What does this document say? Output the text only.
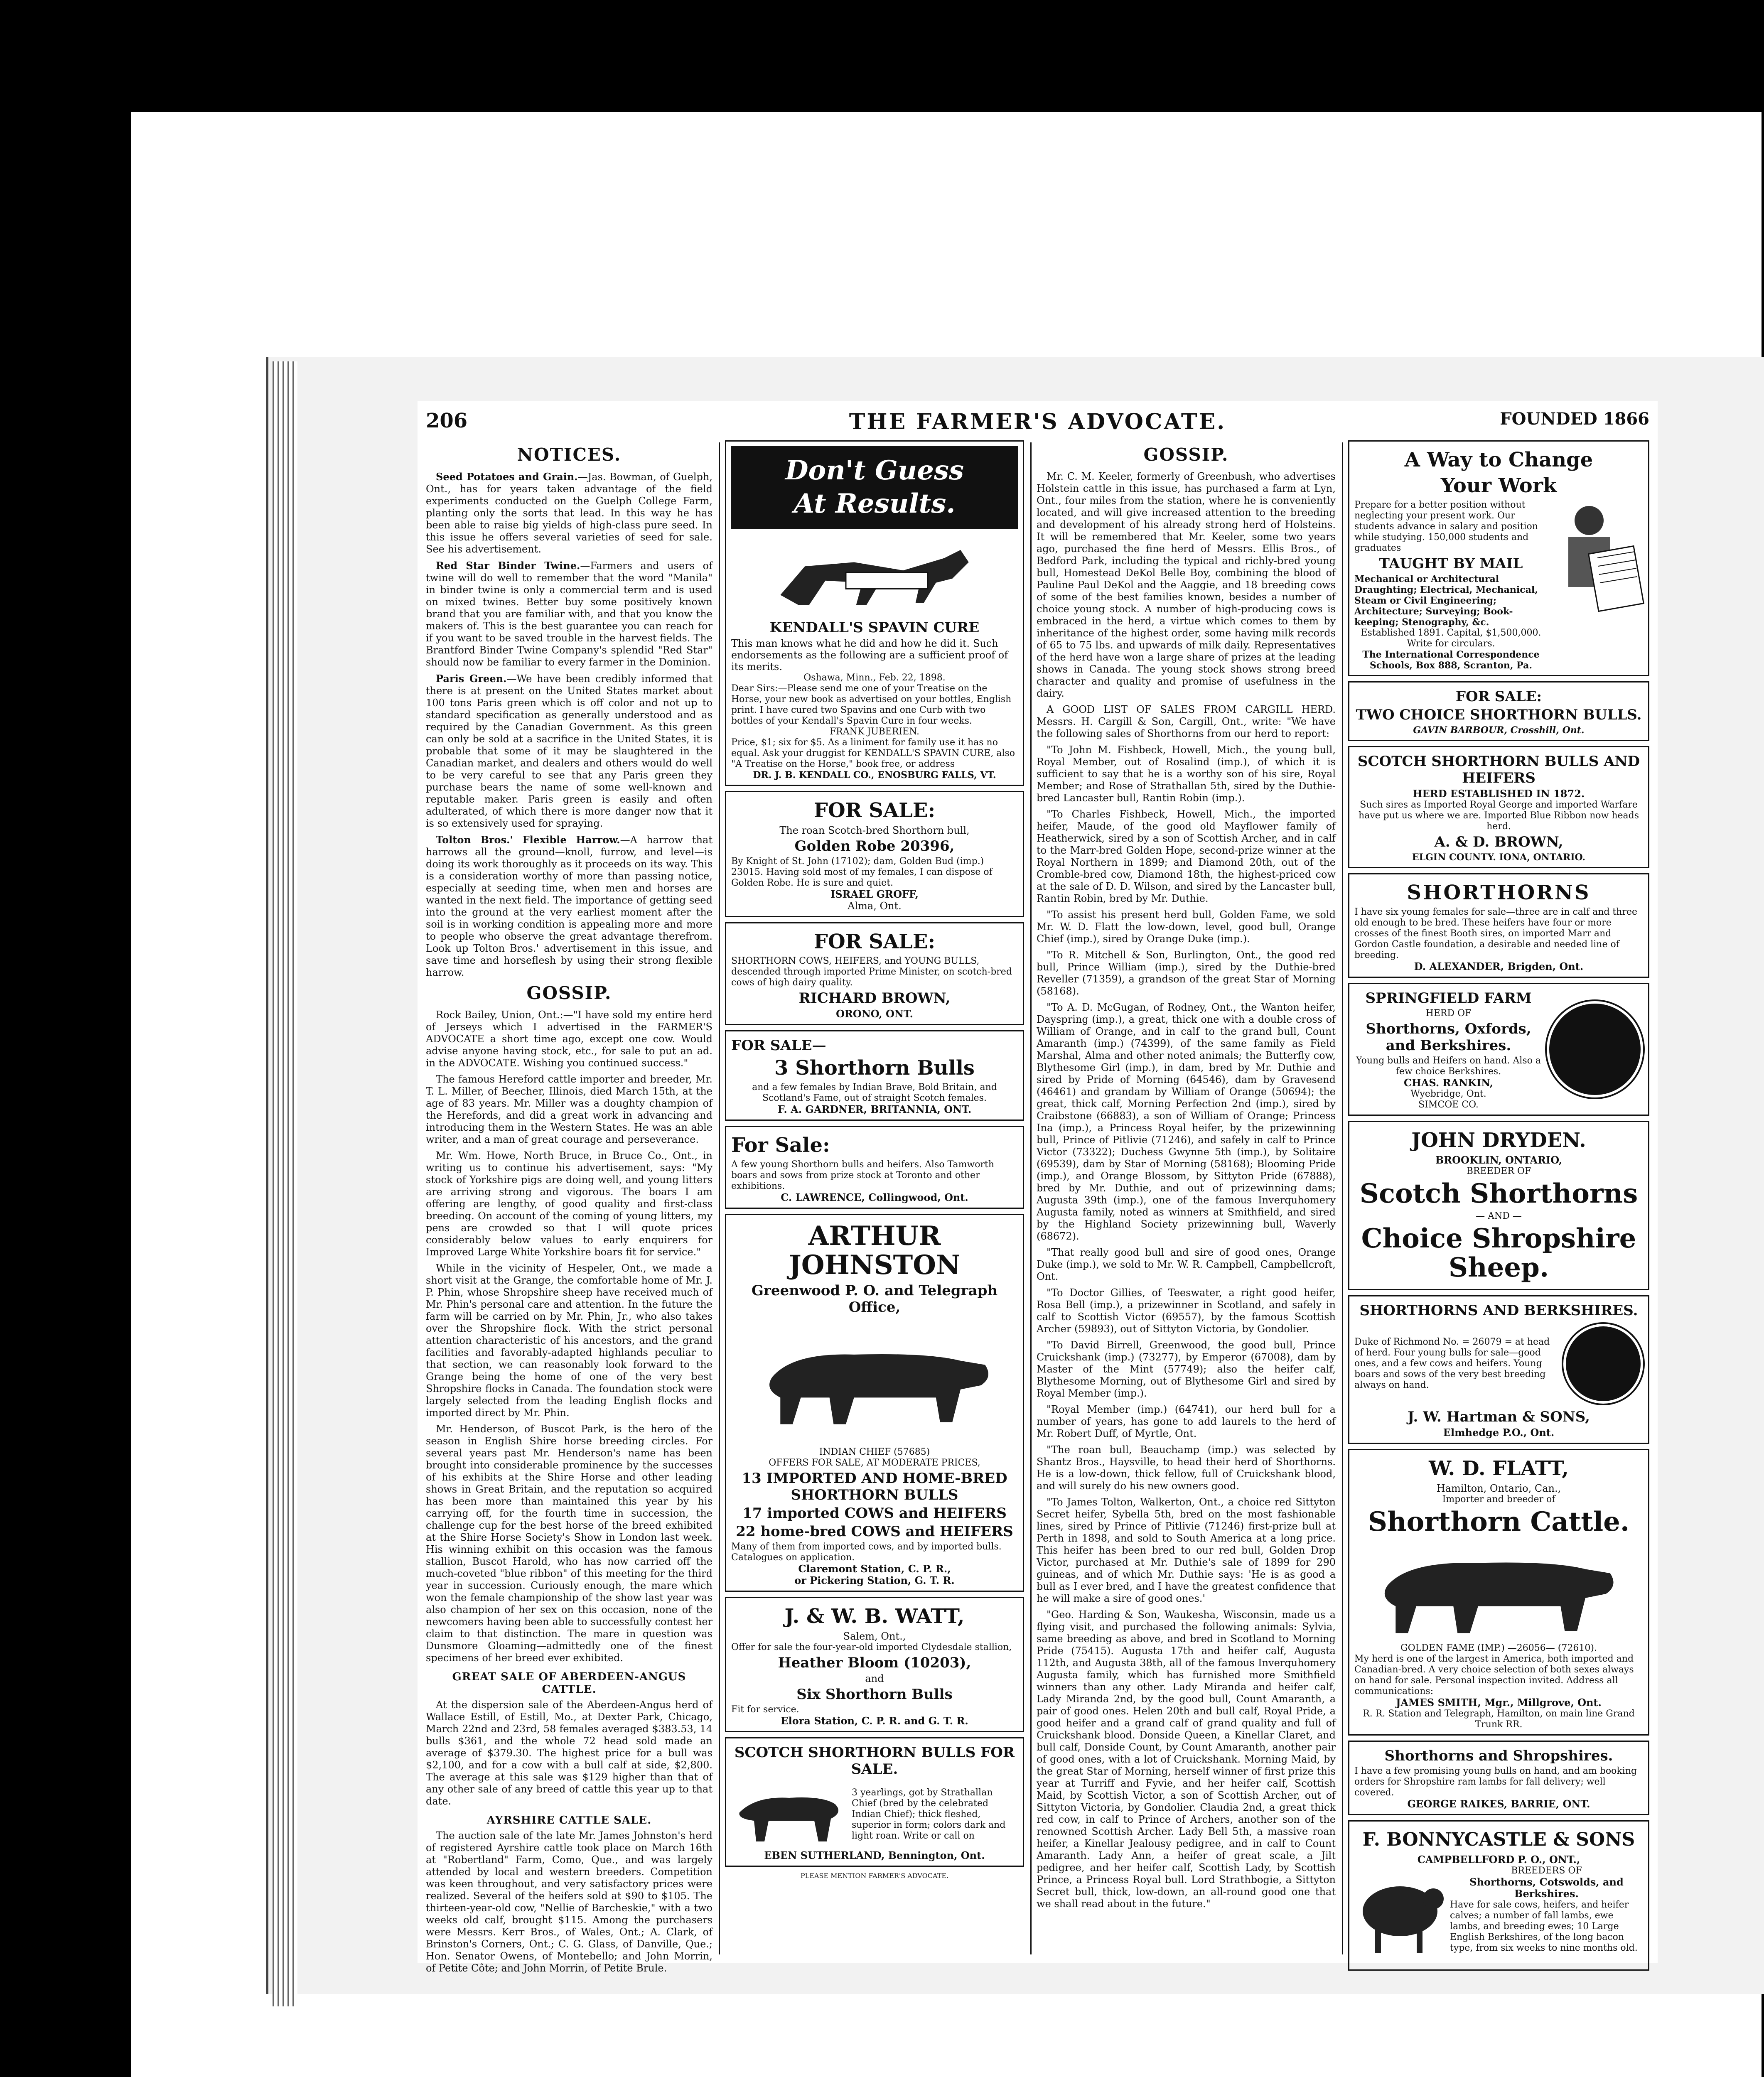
206	THE FARMER'S ADVOCATE.	FOUNDED 1866
NOTICES.

Seed Potatoes and Grain.—Jas. Bowman, of Guelph, Ont., has for years taken advantage of the field experiments conducted on the Guelph College Farm, planting only the sorts that lead. In this way he has been able to raise big yields of high-class pure seed. In this issue he offers several varieties of seed for sale. See his advertisement.

Red Star Binder Twine.—Farmers and users of twine will do well to remember that the word "Manila" in binder twine is only a commercial term and is used on mixed twines. Better buy some positively known brand that you are familiar with, and that you know the makers of. This is the best guarantee you can reach for if you want to be saved trouble in the harvest fields. The Brantford Binder Twine Company's splendid "Red Star" should now be familiar to every farmer in the Dominion.

Paris Green.—We have been credibly informed that there is at present on the United States market about 100 tons Paris green which is off color and not up to standard specification as generally understood and as required by the Canadian Government. As this green can only be sold at a sacrifice in the United States, it is probable that some of it may be slaughtered in the Canadian market, and dealers and others would do well to be very careful to see that any Paris green they purchase bears the name of some well-known and reputable maker. Paris green is easily and often adulterated, of which there is more danger now that it is so extensively used for spraying.

Tolton Bros.' Flexible Harrow.—A harrow that harrows all the ground—knoll, furrow, and level—is doing its work thoroughly as it proceeds on its way. This is a consideration worthy of more than passing notice, especially at seeding time, when men and horses are wanted in the next field. The importance of getting seed into the ground at the very earliest moment after the soil is in working condition is appealing more and more to people who observe the great advantage therefrom. Look up Tolton Bros.' advertisement in this issue, and save time and horseflesh by using their strong flexible harrow.

GOSSIP.

Rock Bailey, Union, Ont.:—"I have sold my entire herd of Jerseys which I advertised in the FARMER'S ADVOCATE a short time ago, except one cow. Would advise anyone having stock, etc., for sale to put an ad. in the ADVOCATE. Wishing you continued success."

The famous Hereford cattle importer and breeder, Mr. T. L. Miller, of Beecher, Illinois, died March 15th, at the age of 83 years. Mr. Miller was a doughty champion of the Herefords, and did a great work in advancing and introducing them in the Western States. He was an able writer, and a man of great courage and perseverance.

Mr. Wm. Howe, North Bruce, in Bruce Co., Ont., in writing us to continue his advertisement, says: "My stock of Yorkshire pigs are doing well, and young litters are arriving strong and vigorous. The boars I am offering are lengthy, of good quality and first-class breeding. On account of the coming of young litters, my pens are crowded so that I will quote prices considerably below values to early enquirers for Improved Large White Yorkshire boars fit for service."

While in the vicinity of Hespeler, Ont., we made a short visit at the Grange, the comfortable home of Mr. J. P. Phin, whose Shropshire sheep have received much of Mr. Phin's personal care and attention. In the future the farm will be carried on by Mr. Phin, Jr., who also takes over the Shropshire flock. With the strict personal attention characteristic of his ancestors, and the grand facilities and favorably-adapted highlands peculiar to that section, we can reasonably look forward to the Grange being the home of one of the very best Shropshire flocks in Canada. The foundation stock were largely selected from the leading English flocks and imported direct by Mr. Phin.

Mr. Henderson, of Buscot Park, is the hero of the season in English Shire horse breeding circles. For several years past Mr. Henderson's name has been brought into considerable prominence by the successes of his exhibits at the Shire Horse and other leading shows in Great Britain, and the reputation so acquired has been more than maintained this year by his carrying off, for the fourth time in succession, the challenge cup for the best horse of the breed exhibited at the Shire Horse Society's Show in London last week. His winning exhibit on this occasion was the famous stallion, Buscot Harold, who has now carried off the much-coveted "blue ribbon" of this meeting for the third year in succession. Curiously enough, the mare which won the female championship of the show last year was also champion of her sex on this occasion, none of the newcomers having been able to successfully contest her claim to that distinction. The mare in question was Dunsmore Gloaming—admittedly one of the finest specimens of her breed ever exhibited.

GREAT SALE OF ABERDEEN-ANGUS CATTLE.

At the dispersion sale of the Aberdeen-Angus herd of Wallace Estill, of Estill, Mo., at Dexter Park, Chicago, March 22nd and 23rd, 58 females averaged $383.53, 14 bulls $361, and the whole 72 head sold made an average of $379.30. The highest price for a bull was $2,100, and for a cow with a bull calf at side, $2,800. The average at this sale was $129 higher than that of any other sale of any breed of cattle this year up to that date.

AYRSHIRE CATTLE SALE.

The auction sale of the late Mr. James Johnston's herd of registered Ayrshire cattle took place on March 16th at "Robertland" Farm, Como, Que., and was largely attended by local and western breeders. Competition was keen throughout, and very satisfactory prices were realized. Several of the heifers sold at $90 to $105. The thirteen-year-old cow, "Nellie of Barcheskie," with a two weeks old calf, brought $115. Among the purchasers were Messrs. Kerr Bros., of Wales, Ont.; A. Clark, of Brinston's Corners, Ont.; C. G. Glass, of Danville, Que.; Hon. Senator Owens, of Montebello; and John Morrin, of Petite Côte; and John Morrin, of Petite Brule.

Don't Guess
At Results.
KENDALL'S SPAVIN CURE
This man knows what he did and how he did it. Such endorsements as the following are a sufficient proof of its merits.
Oshawa, Minn., Feb. 22, 1898.
Dear Sirs:—Please send me one of your Treatise on the Horse, your new book as advertised on your bottles, English print. I have cured two Spavins and one Curb with two bottles of your Kendall's Spavin Cure in four weeks.
FRANK JUBERIEN.
Price, $1; six for $5. As a liniment for family use it has no equal. Ask your druggist for KENDALL'S SPAVIN CURE, also "A Treatise on the Horse," book free, or address
DR. J. B. KENDALL CO., ENOSBURG FALLS, VT.
FOR SALE:
The roan Scotch-bred Shorthorn bull,
Golden Robe 20396,
By Knight of St. John (17102); dam, Golden Bud (imp.) 23015. Having sold most of my females, I can dispose of Golden Robe. He is sure and quiet.
ISRAEL GROFF,
Alma, Ont.
FOR SALE:
SHORTHORN COWS, HEIFERS, and YOUNG BULLS, descended through imported Prime Minister, on scotch-bred cows of high dairy quality.
RICHARD BROWN,
ORONO, ONT.
FOR SALE—
3 Shorthorn Bulls
and a few females by Indian Brave, Bold Britain, and Scotland's Fame, out of straight Scotch females.
F. A. GARDNER, BRITANNIA, ONT.
For Sale:
A few young Shorthorn bulls and heifers. Also Tamworth boars and sows from prize stock at Toronto and other exhibitions.
C. LAWRENCE, Collingwood, Ont.
ARTHUR JOHNSTON
Greenwood P. O. and Telegraph Office,
INDIAN CHIEF (57685)
OFFERS FOR SALE, AT MODERATE PRICES,
13 IMPORTED AND HOME-BRED SHORTHORN BULLS
17 imported COWS and HEIFERS
22 home-bred COWS and HEIFERS
Many of them from imported cows, and by imported bulls. Catalogues on application.
Claremont Station, C. P. R.,
or Pickering Station, G. T. R.
J. & W. B. WATT,
Salem, Ont.,
Offer for sale the four-year-old imported Clydesdale stallion,
Heather Bloom (10203),
and
Six Shorthorn Bulls
Fit for service.
Elora Station, C. P. R. and G. T. R.
SCOTCH SHORTHORN BULLS FOR SALE.
3 yearlings, got by Strathallan Chief (bred by the celebrated Indian Chief); thick fleshed, superior in form; colors dark and light roan. Write or call on
EBEN SUTHERLAND, Bennington, Ont.
PLEASE MENTION FARMER'S ADVOCATE.
GOSSIP.

Mr. C. M. Keeler, formerly of Greenbush, who advertises Holstein cattle in this issue, has purchased a farm at Lyn, Ont., four miles from the station, where he is conveniently located, and will give increased attention to the breeding and development of his already strong herd of Holsteins. It will be remembered that Mr. Keeler, some two years ago, purchased the fine herd of Messrs. Ellis Bros., of Bedford Park, including the typical and richly-bred young bull, Homestead DeKol Belle Boy, combining the blood of Pauline Paul DeKol and the Aaggie, and 18 breeding cows of some of the best families known, besides a number of choice young stock. A number of high-producing cows is embraced in the herd, a virtue which comes to them by inheritance of the highest order, some having milk records of 65 to 75 lbs. and upwards of milk daily. Representatives of the herd have won a large share of prizes at the leading shows in Canada. The young stock shows strong breed character and quality and promise of usefulness in the dairy.

A GOOD LIST OF SALES FROM CARGILL HERD. Messrs. H. Cargill & Son, Cargill, Ont., write: "We have the following sales of Shorthorns from our herd to report:

"To John M. Fishbeck, Howell, Mich., the young bull, Royal Member, out of Rosalind (imp.), of which it is sufficient to say that he is a worthy son of his sire, Royal Member; and Rose of Strathallan 5th, sired by the Duthie-bred Lancaster bull, Rantin Robin (imp.).

"To Charles Fishbeck, Howell, Mich., the imported heifer, Maude, of the good old Mayflower family of Heatherwick, sired by a son of Scottish Archer, and in calf to the Marr-bred Golden Hope, second-prize winner at the Royal Northern in 1899; and Diamond 20th, out of the Cromble-bred cow, Diamond 18th, the highest-priced cow at the sale of D. D. Wilson, and sired by the Lancaster bull, Rantin Robin, bred by Mr. Duthie.

"To assist his present herd bull, Golden Fame, we sold Mr. W. D. Flatt the low-down, level, good bull, Orange Chief (imp.), sired by Orange Duke (imp.).

"To R. Mitchell & Son, Burlington, Ont., the good red bull, Prince William (imp.), sired by the Duthie-bred Reveller (71359), a grandson of the great Star of Morning (58168).

"To A. D. McGugan, of Rodney, Ont., the Wanton heifer, Dayspring (imp.), a great, thick one with a double cross of William of Orange, and in calf to the grand bull, Count Amaranth (imp.) (74399), of the same family as Field Marshal, Alma and other noted animals; the Butterfly cow, Blythesome Girl (imp.), in dam, bred by Mr. Duthie and sired by Pride of Morning (64546), dam by Gravesend (46461) and grandam by William of Orange (50694); the great, thick calf, Morning Perfection 2nd (imp.), sired by Craibstone (66883), a son of William of Orange; Princess Ina (imp.), a Princess Royal heifer, by the prizewinning bull, Prince of Pitlivie (71246), and safely in calf to Prince Victor (73322); Duchess Gwynne 5th (imp.), by Solitaire (69539), dam by Star of Morning (58168); Blooming Pride (imp.), and Orange Blossom, by Sittyton Pride (67888), bred by Mr. Duthie, and out of prizewinning dams; Augusta 39th (imp.), one of the famous Inverquhomery Augusta family, noted as winners at Smithfield, and sired by the Highland Society prizewinning bull, Waverly (68672).

"That really good bull and sire of good ones, Orange Duke (imp.), we sold to Mr. W. R. Campbell, Campbellcroft, Ont.

"To Doctor Gillies, of Teeswater, a right good heifer, Rosa Bell (imp.), a prizewinner in Scotland, and safely in calf to Scottish Victor (69557), by the famous Scottish Archer (59893), out of Sittyton Victoria, by Gondolier.

"To David Birrell, Greenwood, the good bull, Prince Cruickshank (imp.) (73277), by Emperor (67008), dam by Master of the Mint (57749); also the heifer calf, Blythesome Morning, out of Blythesome Girl and sired by Royal Member (imp.).

"Royal Member (imp.) (64741), our herd bull for a number of years, has gone to add laurels to the herd of Mr. Robert Duff, of Myrtle, Ont.

"The roan bull, Beauchamp (imp.) was selected by Shantz Bros., Haysville, to head their herd of Shorthorns. He is a low-down, thick fellow, full of Cruickshank blood, and will surely do his new owners good.

"To James Tolton, Walkerton, Ont., a choice red Sittyton Secret heifer, Sybella 5th, bred on the most fashionable lines, sired by Prince of Pitlivie (71246) first-prize bull at Perth in 1898, and sold to South America at a long price. This heifer has been bred to our red bull, Golden Drop Victor, purchased at Mr. Duthie's sale of 1899 for 290 guineas, and of which Mr. Duthie says: 'He is as good a bull as I ever bred, and I have the greatest confidence that he will make a sire of good ones.'

"Geo. Harding & Son, Waukesha, Wisconsin, made us a flying visit, and purchased the following animals: Sylvia, same breeding as above, and bred in Scotland to Morning Pride (75415). Augusta 17th and heifer calf, Augusta 112th, and Augusta 38th, all of the famous Inverquhomery Augusta family, which has furnished more Smithfield winners than any other. Lady Miranda and heifer calf, Lady Miranda 2nd, by the good bull, Count Amaranth, a pair of good ones. Helen 20th and bull calf, Royal Pride, a good heifer and a grand calf of grand quality and full of Cruickshank blood. Donside Queen, a Kinellar Claret, and bull calf, Donside Count, by Count Amaranth, another pair of good ones, with a lot of Cruickshank. Morning Maid, by the great Star of Morning, herself winner of first prize this year at Turriff and Fyvie, and her heifer calf, Scottish Maid, by Scottish Victor, a son of Scottish Archer, out of Sittyton Victoria, by Gondolier. Claudia 2nd, a great thick red cow, in calf to Prince of Archers, another son of the renowned Scottish Archer. Lady Bell 5th, a massive roan heifer, a Kinellar Jealousy pedigree, and in calf to Count Amaranth. Lady Ann, a heifer of great scale, a Jilt pedigree, and her heifer calf, Scottish Lady, by Scottish Prince, a Princess Royal bull. Lord Strathbogie, a Sittyton Secret bull, thick, low-down, an all-round good one that we shall read about in the future."

A Way to Change
Your Work
Prepare for a better position without neglecting your present work. Our students advance in salary and position while studying. 150,000 students and graduates
TAUGHT BY MAIL
Mechanical or Architectural Draughting; Electrical, Mechanical, Steam or Civil Engineering; Architecture; Surveying; Book-keeping; Stenography, &c.
Established 1891. Capital, $1,500,000. Write for circulars.
The International Correspondence Schools, Box 888, Scranton, Pa.
FOR SALE:
TWO CHOICE SHORTHORN BULLS.
GAVIN BARBOUR, Crosshill, Ont.
SCOTCH SHORTHORN BULLS AND HEIFERS
HERD ESTABLISHED IN 1872.
Such sires as Imported Royal George and imported Warfare have put us where we are. Imported Blue Ribbon now heads herd.
A. & D. BROWN,
ELGIN COUNTY. IONA, ONTARIO.
SHORTHORNS
I have six young females for sale—three are in calf and three old enough to be bred. These heifers have four or more crosses of the finest Booth sires, on imported Marr and Gordon Castle foundation, a desirable and needed line of breeding.
D. ALEXANDER, Brigden, Ont.
SPRINGFIELD FARM
HERD OF
Shorthorns, Oxfords, and Berkshires.
Young bulls and Heifers on hand. Also a few choice Berkshires.
CHAS. RANKIN,
Wyebridge, Ont.
SIMCOE CO.
JOHN DRYDEN.
BROOKLIN, ONTARIO,
BREEDER OF
Scotch Shorthorns
— AND —
Choice Shropshire Sheep.
SHORTHORNS AND BERKSHIRES.
Duke of Richmond No. = 26079 = at head of herd. Four young bulls for sale—good ones, and a few cows and heifers. Young boars and sows of the very best breeding always on hand.
J. W. Hartman & SONS,
Elmhedge P.O., Ont.
W. D. FLATT,
Hamilton, Ontario, Can.,
Importer and breeder of
Shorthorn Cattle.
GOLDEN FAME (IMP.) —26056— (72610).
My herd is one of the largest in America, both imported and Canadian-bred. A very choice selection of both sexes always on hand for sale. Personal inspection invited. Address all communications:
JAMES SMITH, Mgr., Millgrove, Ont.
R. R. Station and Telegraph, Hamilton, on main line Grand Trunk RR.
Shorthorns and Shropshires.
I have a few promising young bulls on hand, and am booking orders for Shropshire ram lambs for fall delivery; well covered.
GEORGE RAIKES, BARRIE, ONT.
F. BONNYCASTLE & SONS
CAMPBELLFORD P. O., ONT.,
BREEDERS OF
Shorthorns, Cotswolds, and Berkshires.
Have for sale cows, heifers, and heifer calves; a number of fall lambs, ewe lambs, and breeding ewes; 10 Large English Berkshires, of the long bacon type, from six weeks to nine months old.
